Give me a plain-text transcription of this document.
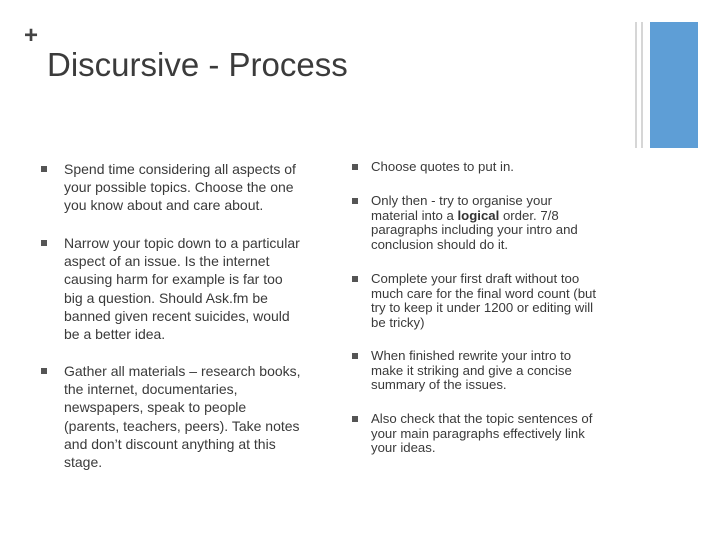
+
Discursive - Process
Spend time considering all aspects of
your possible topics. Choose the one
you know about and care about.
Narrow your topic down to a particular
aspect of an issue. Is the internet
causing harm for example is far too
big a question. Should Ask.fm be
banned given recent suicides, would
be a better idea.
Gather all materials – research books,
the internet, documentaries,
newspapers, speak to people
(parents, teachers, peers). Take notes
and don’t discount anything at this
stage.
Choose quotes to put in.
Only then - try to organise your
material into a logical order. 7/8
paragraphs including your intro and
conclusion should do it.
Complete your first draft without too
much care for the final word count (but
try to keep it under 1200 or editing will
be tricky)
When finished rewrite your intro to
make it striking and give a concise
summary of the issues.
Also check that the topic sentences of
your main paragraphs effectively link
your ideas.
